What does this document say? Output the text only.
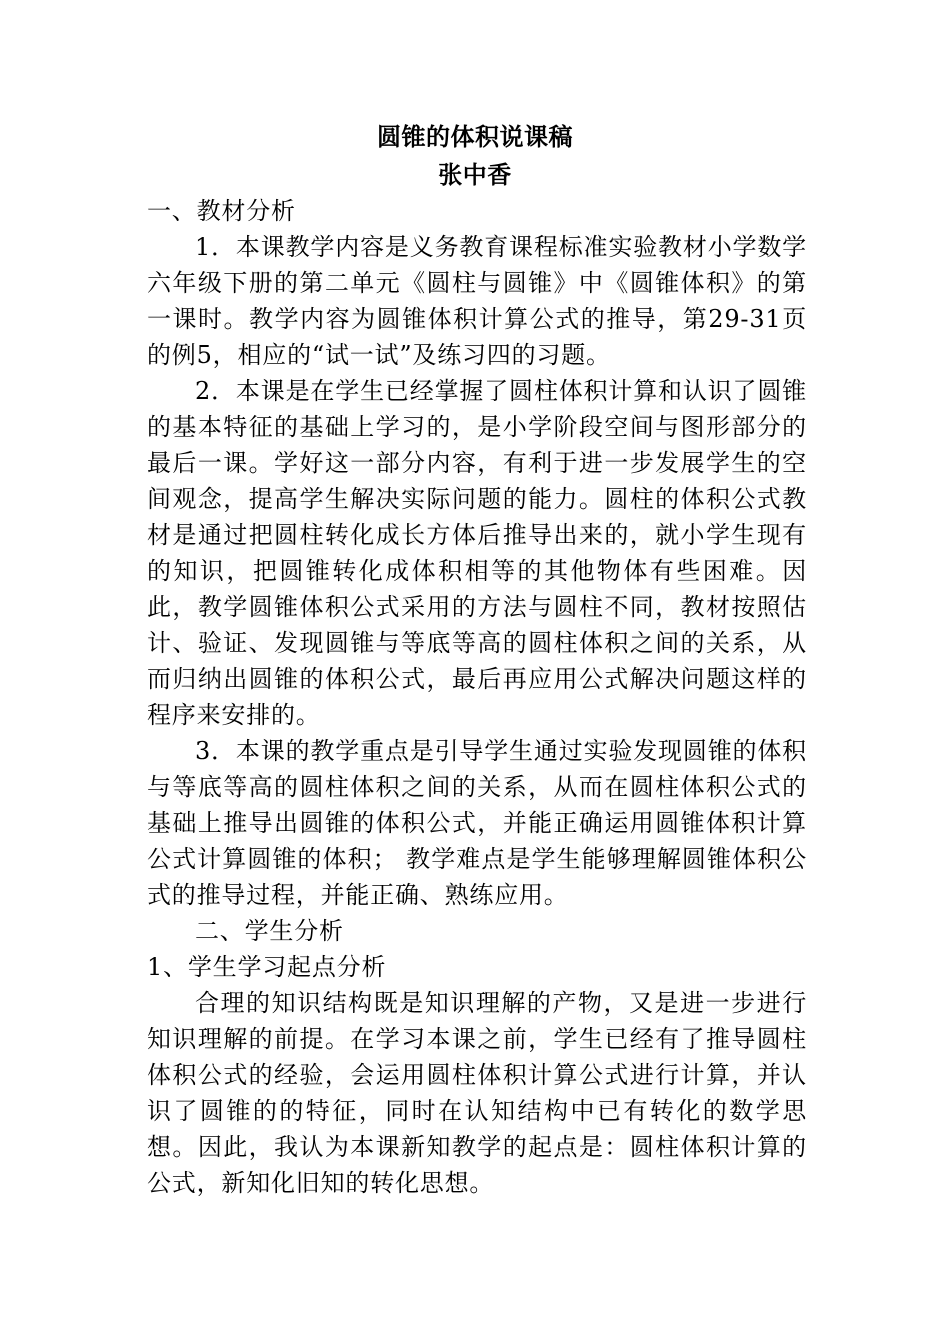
圆锥的体积说课稿
张中香

一、教材分析

1．本课教学内容是义务教育课程标准实验教材小学数学六年级下册的第二单元《圆柱与圆锥》中《圆锥体积》的第一课时。教学内容为圆锥体积计算公式的推导，第29-31页的例5，相应的“试一试”及练习四的习题。

2．本课是在学生已经掌握了圆柱体积计算和认识了圆锥的基本特征的基础上学习的，是小学阶段空间与图形部分的最后一课。学好这一部分内容，有利于进一步发展学生的空间观念，提高学生解决实际问题的能力。圆柱的体积公式教材是通过把圆柱转化成长方体后推导出来的，就小学生现有的知识，把圆锥转化成体积相等的其他物体有些困难。因此，教学圆锥体积公式采用的方法与圆柱不同，教材按照估计、验证、发现圆锥与等底等高的圆柱体积之间的关系，从而归纳出圆锥的体积公式，最后再应用公式解决问题这样的程序来安排的。

3．本课的教学重点是引导学生通过实验发现圆锥的体积与等底等高的圆柱体积之间的关系，从而在圆柱体积公式的基础上推导出圆锥的体积公式，并能正确运用圆锥体积计算公式计算圆锥的体积； 教学难点是学生能够理解圆锥体积公式的推导过程，并能正确、熟练应用。

二、学生分析

1、学生学习起点分析

合理的知识结构既是知识理解的产物，又是进一步进行知识理解的前提。在学习本课之前，学生已经有了推导圆柱体积公式的经验，会运用圆柱体积计算公式进行计算，并认识了圆锥的的特征，同时在认知结构中已有转化的数学思想。因此，我认为本课新知教学的起点是：圆柱体积计算的公式，新知化旧知的转化思想。
